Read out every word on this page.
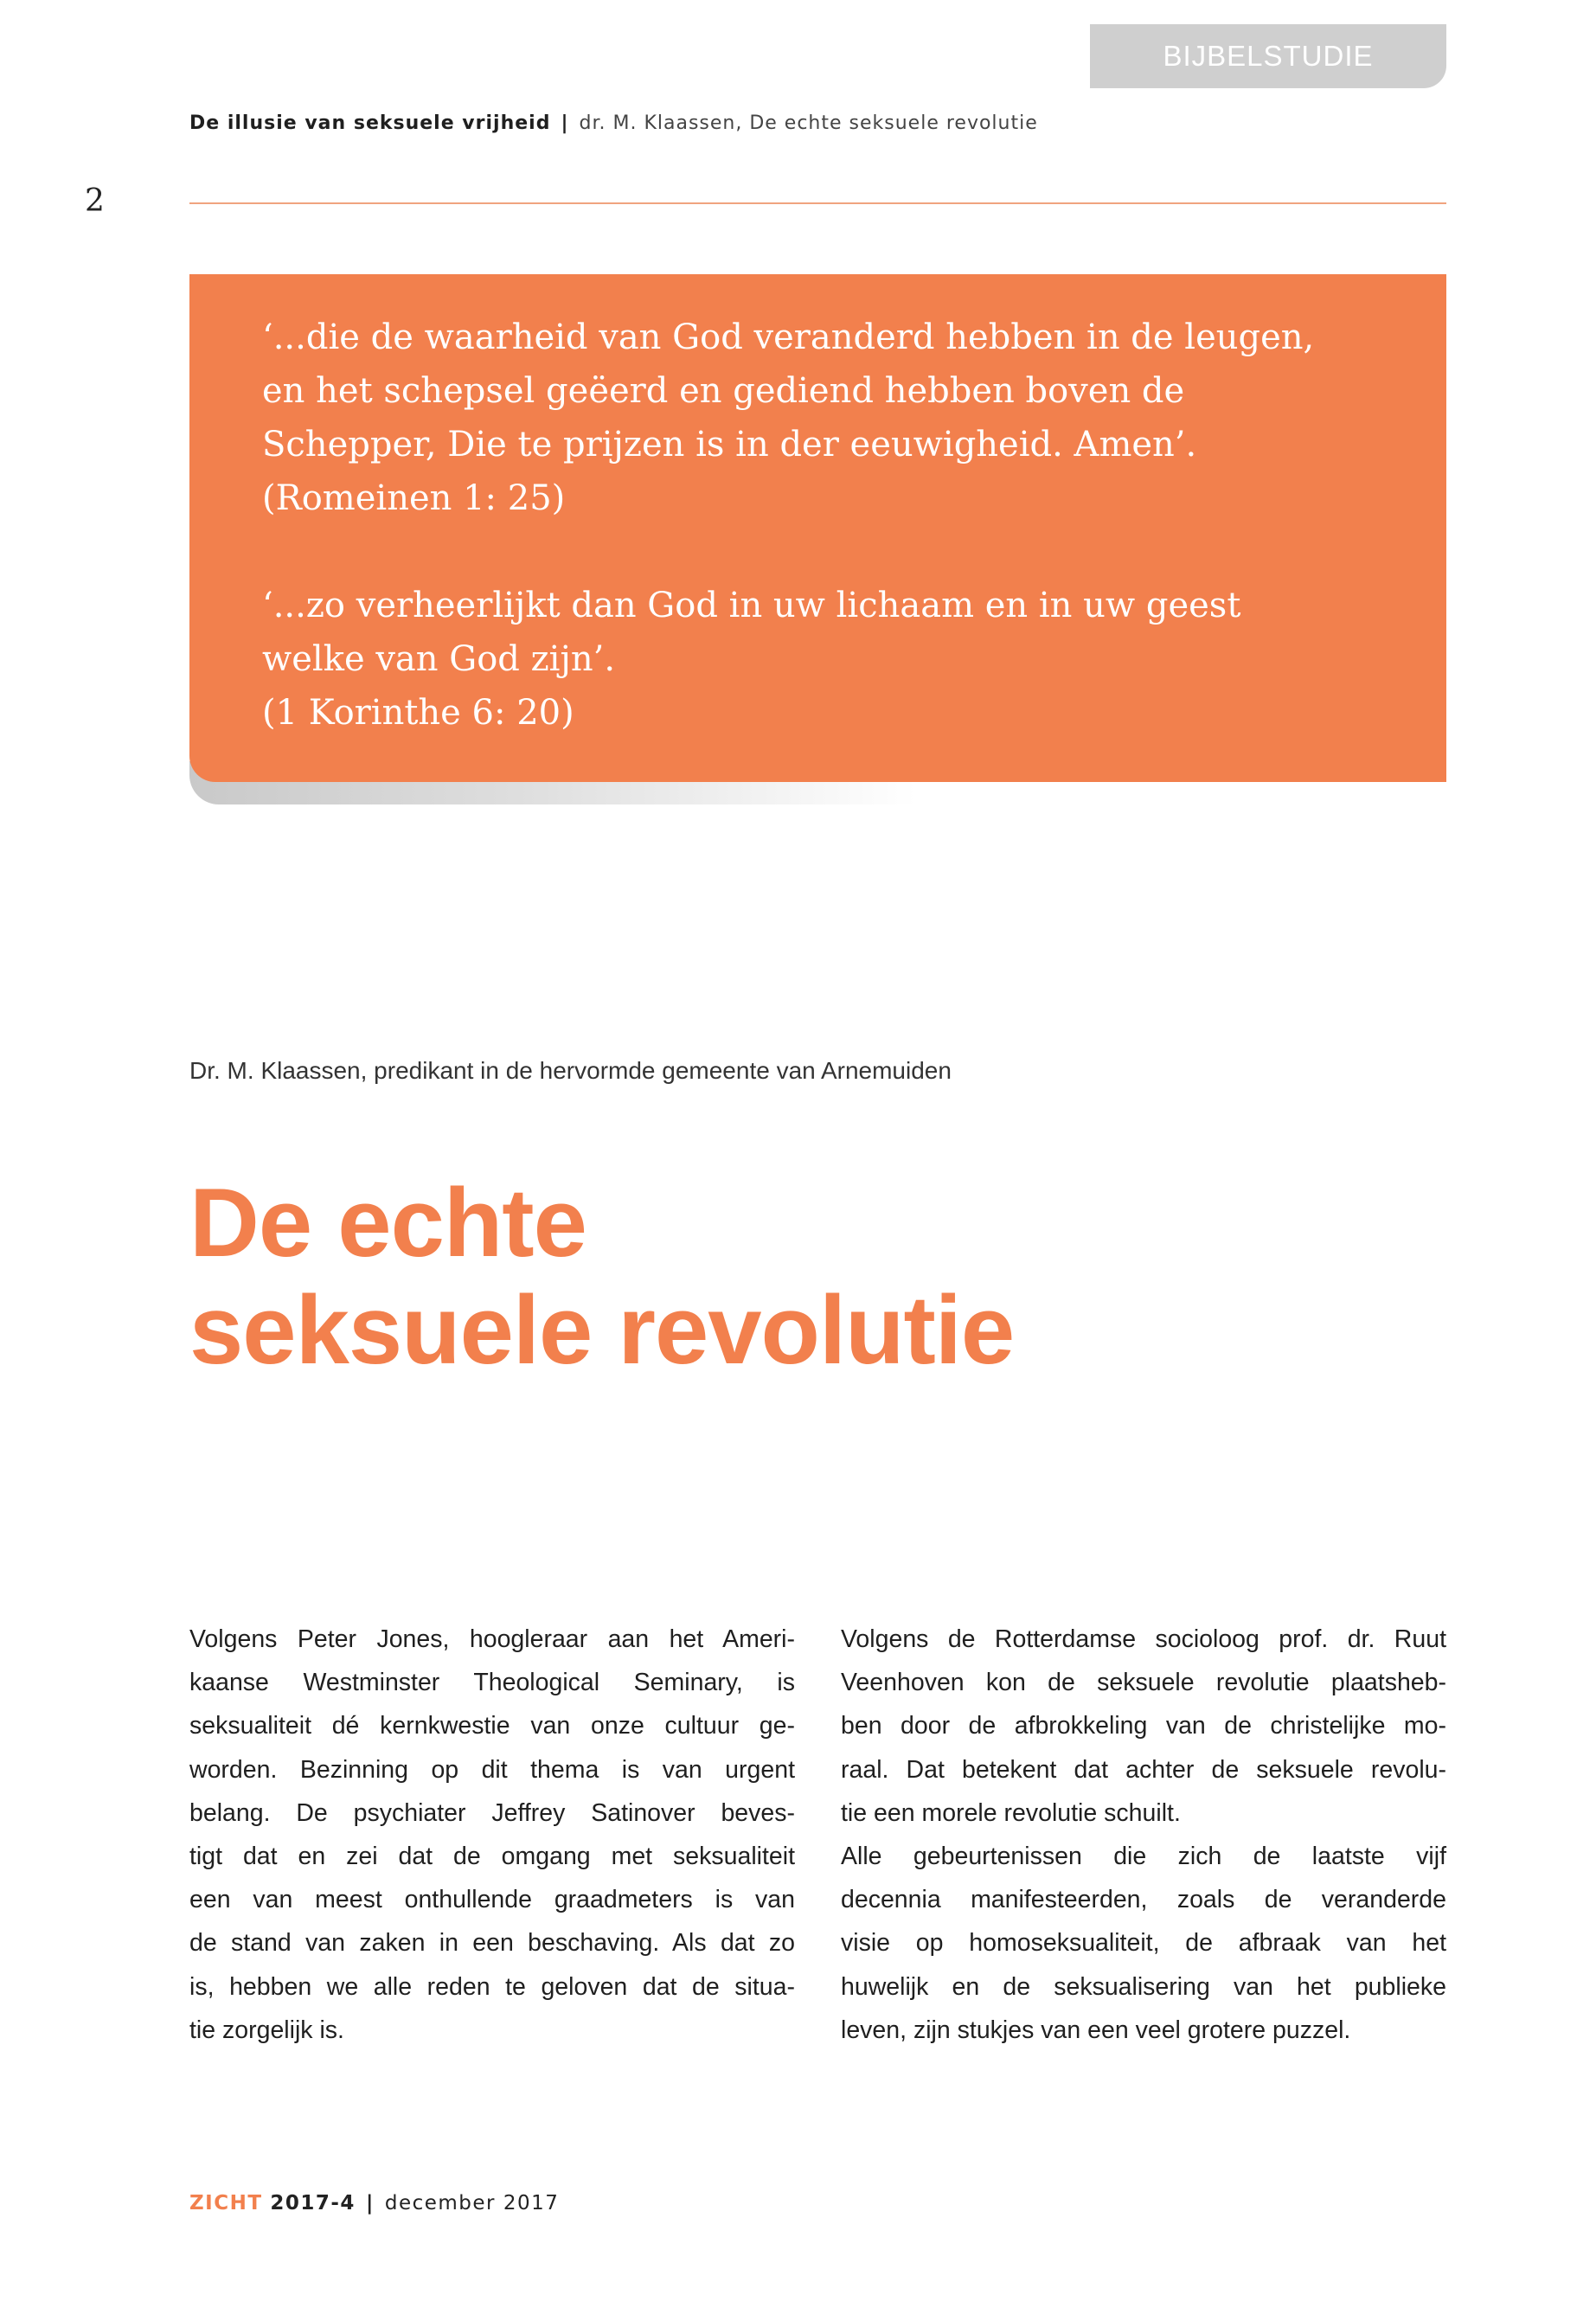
BIJBELSTUDIE
De illusie van seksuele vrijheid | dr. M. Klaassen, De echte seksuele revolutie
2

‘...die de waarheid van God veranderd hebben in de leugen,
en het schepsel geëerd en gediend hebben boven de
Schepper, Die te prijzen is in der eeuwigheid. Amen’.
(Romeinen 1: 25)

‘...zo verheerlijkt dan God in uw lichaam en in uw geest
welke van God zijn’.
(1 Korinthe 6: 20)

Dr. M. Klaassen, predikant in de hervormde gemeente van Arnemuiden
De echte
seksuele revolutie
Volgens Peter Jones, hoogleraar aan het Ameri-
kaanse Westminster Theological Seminary, is
seksualiteit dé kernkwestie van onze cultuur ge-
worden. Bezinning op dit thema is van urgent
belang. De psychiater Jeffrey Satinover beves-
tigt dat en zei dat de omgang met seksualiteit
een van meest onthullende graadmeters is van
de stand van zaken in een beschaving. Als dat zo
is, hebben we alle reden te geloven dat de situa-
tie zorgelijk is.
Volgens de Rotterdamse socioloog prof. dr. Ruut
Veenhoven kon de seksuele revolutie plaatsheb-
ben door de afbrokkeling van de christelijke mo-
raal. Dat betekent dat achter de seksuele revolu-
tie een morele revolutie schuilt.
Alle gebeurtenissen die zich de laatste vijf
decennia manifesteerden, zoals de veranderde
visie op homoseksualiteit, de afbraak van het
huwelijk en de seksualisering van het publieke
leven, zijn stukjes van een veel grotere puzzel.
ZICHT 2017-4 | december 2017
